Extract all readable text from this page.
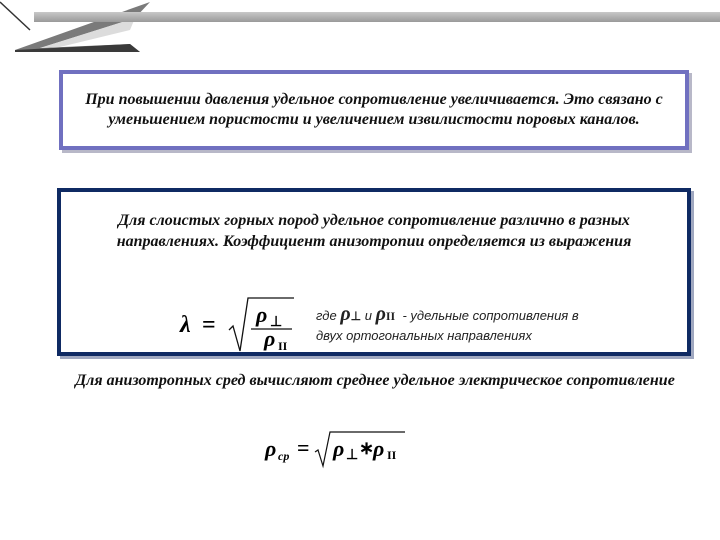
При повышении давления удельное сопротивление увеличивается. Это связано с уменьшением пористости и увеличением извилистости поровых каналов.
Для слоистых горных пород удельное сопротивление различно в разных направлениях. Коэффициент анизотропии определяется из выражения
λ = ρ ⊥
ρ II
где ρ⊥ и ρII - удельные сопротивления в
двух ортогональных направлениях
Для анизотропных сред вычисляют среднее удельное электрическое сопротивление
ρ ср = ρ ⊥ ∗
ρ II
